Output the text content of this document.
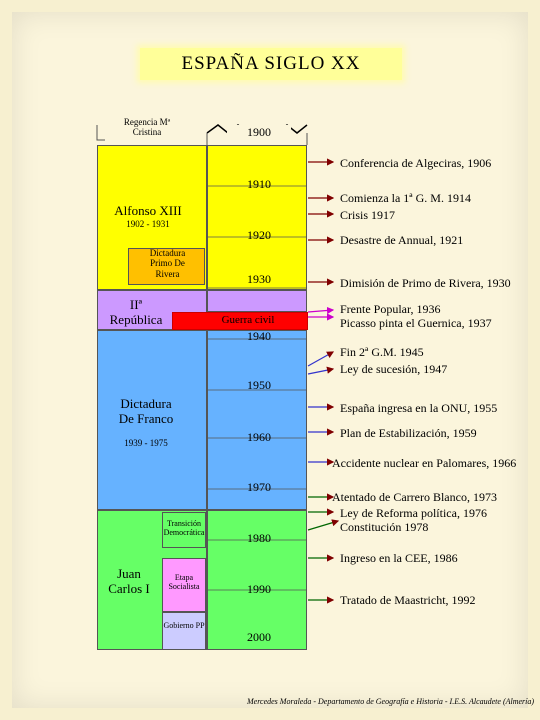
ESPAÑA SIGLO XX
Regencia Mª Cristina
Alfonso XIII
1902 - 1931
Dictadura Primo De Rivera
IIª República	Guerra civil
Dictadura De Franco
1939 - 1975
Transición Democrática
Juan Carlos I
Etapa Socialista
Gobierno PP
1900
1910
1920
1930
1940
1950
1960
1970
1980
1990
2000
Conferencia de Algeciras, 1906
Comienza la 1ª G. M. 1914
Crisis 1917
Desastre de Annual, 1921
Dimisión de Primo de Rivera, 1930
Frente Popular, 1936
Picasso pinta el Guernica, 1937
Fin 2ª G.M. 1945
Ley de sucesión, 1947
España ingresa en la ONU, 1955
Plan de Estabilización, 1959
Accidente nuclear en Palomares, 1966
Atentado de Carrero Blanco, 1973
Ley de Reforma política, 1976
Constitución 1978
Ingreso en la CEE, 1986
Tratado de Maastricht, 1992
Mercedes Moraleda - Departamento de Geografía e Historia - I.E.S. Alcaudete (Almería)
